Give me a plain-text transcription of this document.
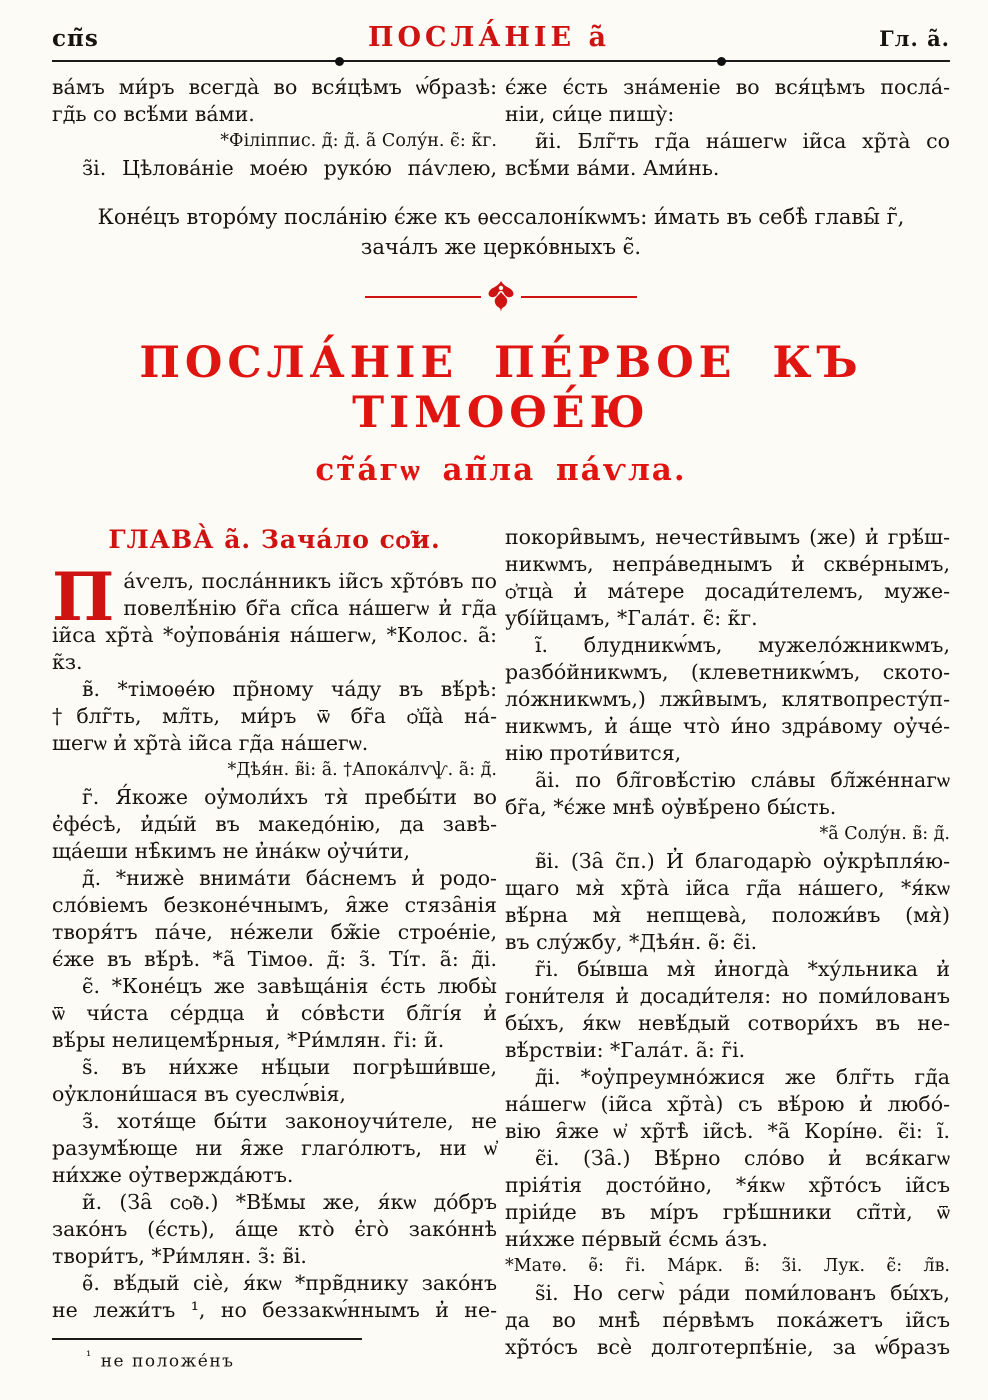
сп̃ѕ	ПОСЛА́НІЕ а̃	Гл. а̃.
ва́мъ ми́ръ всегда̀ во вся́цѣмъ ѡ́бразѣ:
гд̃ь со всѣ́ми ва́ми.
*Філіппис. д̃: д̃. а̃ Солу́н. є̃: к̃г.
з̃і. Цѣлова́ніе мое́ю руко́ю па́ѵлею,
є́же є́сть зна́меніе во вся́цѣмъ посла́-
ніи, си́це пишу̀:
и̃і. Блг̃ть гд̃а на́шегѡ іи̃са хр̃та̀ со
всѣ́ми ва́ми. Ами́нь.
Коне́цъ второ́му посла́нію є́же къ ѳессалоні́кѡмъ: и́мать въ себѣ̀ главы̑ г̃,
зача́лъ же церко́вныхъ є̃.
ПОСЛА́НІЕ ПЕ́РВОЕ КЪ ТІМОѲЕ́Ю
ст̃а́гѡ ап̃ла па́ѵла.
ГЛАВА̀ а̃. Зача́ло сѻ̃и.
П а́ѵелъ, посла́нникъ іи̃съ хр̃то́въ по
повелѣ́нію бг̃а сп̃са на́шегѡ и̓ гд̃а
іи̃са хр̃та̀ *оу̓пова́нія на́шегѡ, *Колос. а̃: к̃з.
в̃. *тімоѳе́ю пр̃ному ча́ду въ вѣ́рѣ:
†блг̃ть, мл̃ть, ми́ръ ѿ бг̃а ѻ̓ц̃а̀ на́-
шегѡ и̓ хр̃та̀ іи̃са гд̃а на́шегѡ.
*Дѣя́н. в̃і: а̃. †Апока́лѵѱ. а̃: д̃.
г̃. Я́коже оу̓моли́хъ тя̀ пребы́ти во
є̓фе́сѣ, и̓ды́й въ македо́нію, да завѣ-
ща́еши нѣ̑кимъ не и̓на́кѡ оу̓чи́ти,
д̃. *нижѐ внима́ти ба́снемъ и̓ родо-
сло́віемъ безконе́чнымъ, я̑же стяза̑нія
творя́тъ па́че, не́жели бж̃іе строе́ніе,
є́же въ вѣ́рѣ. *а̃ Тімоѳ. д̃: з̃. Ті́т. а̃: д̃і.
є̃. *Коне́цъ же завѣща́нія є́сть любы̀
ѿ чи́ста се́рдца и̓ со́вѣсти бл̃гі́я и̓
вѣ́ры нелицемѣ́рныя, *Ри́млян. г̃і: и̃.
ѕ̃. въ ни́хже нѣ́цыи погрѣши́вше,
оу̓клони́шася въ суеслѡ́вія,
з̃. хотя́ще бы́ти законоучи́теле, не
разумѣ́юще ни я̑же глаго́лютъ, ни ѡ̓
ни́хже оу̓твержда́ютъ.
и̃. (За̑ сѻ̃ѳ.) *Вѣ́мы же, я́кѡ до́бръ
зако́нъ (є́сть), а́ще кто̀ є̓го̀ зако́ннѣ
твори́тъ, *Ри́млян. з̃: в̃і.
ѳ̃. вѣ́дый сіѐ, я́кѡ *прв̃днику зако́нъ
не лежи́тъ ¹, но беззакѡ́ннымъ и̓ не-
$^{^1}$ не положе́нъ
покори̑вымъ, нечести̑вымъ (же) и̓ грѣ́ш-
никѡмъ, непра́веднымъ и̓ скве́рнымъ,
ѻ̓тца̀ и̓ ма́тере досади́телемъ, муже-
убі́йцамъ, *Гала́т. є̃: к̃г.
і̃. блудникѡ́мъ, мужело́жникѡмъ,
разбо́йникѡмъ, (клеветникѡ́мъ, ското-
ло́жникѡмъ,) лжи̑вымъ, клятвопресту́п-
никѡмъ, и̓ а́ще что̀ и́но здра́вому оу̓че́-
нію проти́вится,
а̃і. по бл̃говѣ́стію сла́вы бл̃же́ннагѡ
бг̃а, *є́же мнѣ̀ оу̓вѣ́рено бы́сть.
*а̃ Солу́н. в̃: д̃.
в̃і. (За̑ с̃п.) И̓ благодарю̀ оу̓крѣпля́ю-
щаго мя̀ хр̃та̀ іи̃са гд̃а на́шего, *я́кѡ
вѣ́рна мя̀ непщева̀, положи́въ (мя̀)
въ слу́жбу, *Дѣя́н. ѳ̃: є̃і.
г̃і. бы́вша мя̀ и̓ногда̀ *ху́льника и̓
гони́теля и̓ досади́теля: но поми́лованъ
бы́хъ, я́кѡ невѣ́дый сотвори́хъ въ не-
вѣ́рствіи: *Гала́т. а̃: г̃і.
д̃і. *оу̓преумно́жися же блг̃ть гд̃а
на́шегѡ (іи̃са хр̃та̀) съ вѣ́рою и̓ любо́-
вію я̑же ѡ̓ хр̃тѣ̀ іи̃сѣ. *а̃ Корі́нѳ. є̃і: і̃.
є̃і. (За̑.) Вѣ́рно сло́во и̓ вся́кагѡ
прія́тія досто́йно, *я́кѡ хр̃то́съ іи̃съ
пріи́де въ мі́ръ грѣ́шники сп̃тѝ, ѿ
ни́хже пе́рвый є́смь а́зъ.
*Матѳ. ѳ̃: г̃і. Ма́рк. в̃: з̃і. Лук. є̃: л̃в.
ѕ̃і. Но сегѡ̀ ра́ди поми́лованъ бы́хъ,
да во мнѣ̀ пе́рвѣмъ пока́жетъ іи̃съ
хр̃то́съ всѐ долготерпѣ́ніе, за ѡ́бразъ
